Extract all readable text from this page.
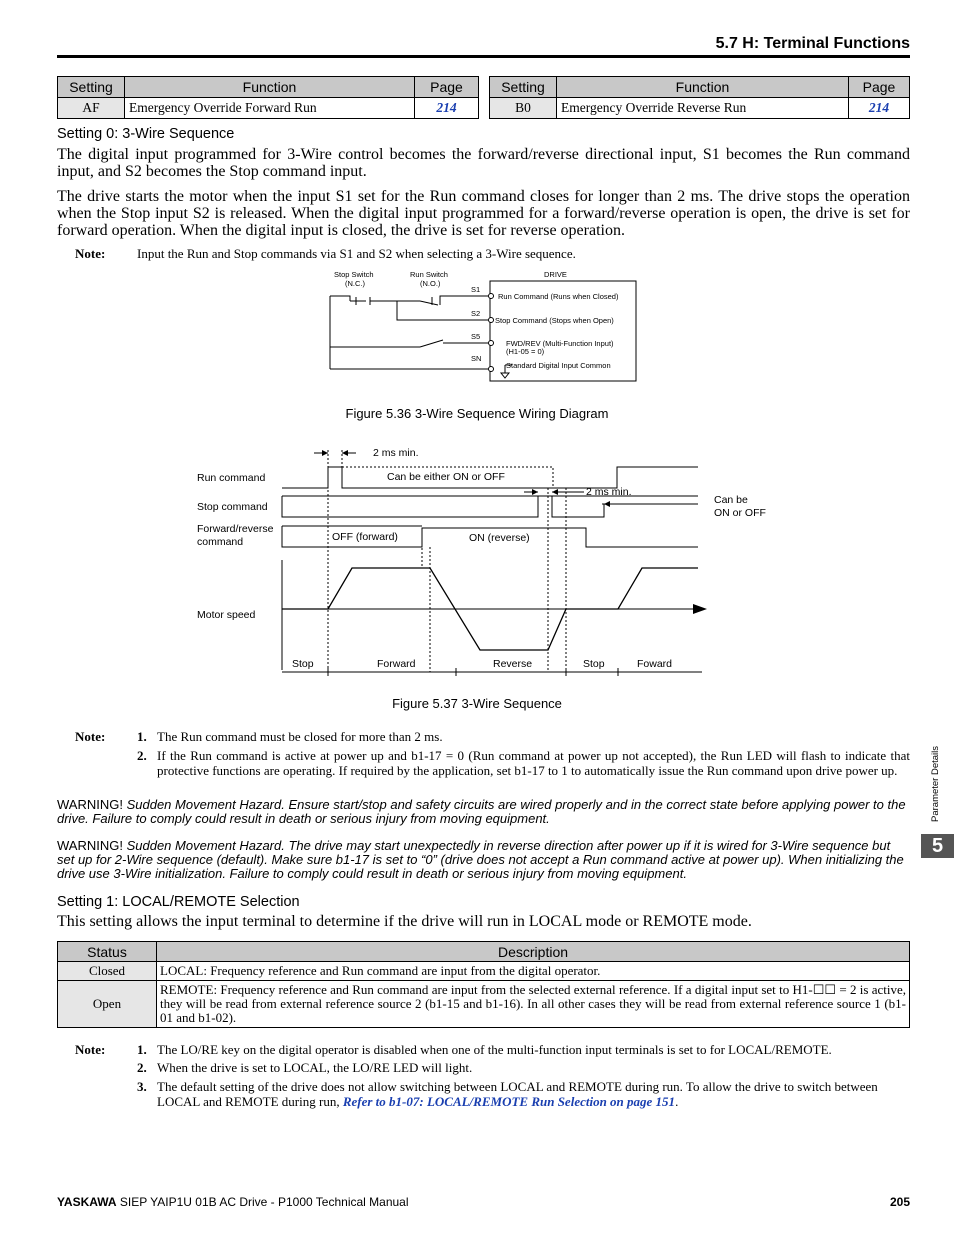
5.7 H: Terminal Functions
Setting	Function	Page
AF	Emergency Override Forward Run	214
Setting	Function	Page
B0	Emergency Override Reverse Run	214
Setting 0: 3-Wire Sequence
The digital input programmed for 3-Wire control becomes the forward/reverse directional input, S1 becomes the Run command input, and S2 becomes the Stop command input.
The drive starts the motor when the input S1 set for the Run command closes for longer than 2 ms. The drive stops the operation when the Stop input S2 is released. When the digital input programmed for a forward/reverse operation is open, the drive is set for forward operation. When the digital input is closed, the drive is set for reverse operation.
Note: Input the Run and Stop commands via S1 and S2 when selecting a 3-Wire sequence.
Stop Switch
(N.C.)
Run Switch
(N.O.)
DRIVE
S1
S2
S5
SN
Run Command (Runs when Closed)
Stop Command (Stops when Open)
FWD/REV (Multi-Function Input)
(H1-05 = 0)
Standard Digital Input Common
Figure 5.36 3-Wire Sequence Wiring Diagram
Run command
Stop command
Forward/reverse
command
Motor speed
2 ms min.
Can be either ON or OFF
2 ms min.
Can be
ON or OFF
OFF (forward)	ON (reverse)
Stop	Forward	Reverse	Stop	Foward
Figure 5.37 3-Wire Sequence
Note: 1. The Run command must be closed for more than 2 ms.
2. If the Run command is active at power up and b1-17 = 0 (Run command at power up not accepted), the Run LED will flash to indicate that protective functions are operating. If required by the application, set b1-17 to 1 to automatically issue the Run command upon drive power up.
WARNING! Sudden Movement Hazard. Ensure start/stop and safety circuits are wired properly and in the correct state before applying power to the drive. Failure to comply could result in death or serious injury from moving equipment.
WARNING! Sudden Movement Hazard. The drive may start unexpectedly in reverse direction after power up if it is wired for 3-Wire sequence but set up for 2-Wire sequence (default). Make sure b1-17 is set to “0” (drive does not accept a Run command active at power up). When initializing the drive use 3-Wire initialization. Failure to comply could result in death or serious injury from moving equipment.
Setting 1: LOCAL/REMOTE Selection
This setting allows the input terminal to determine if the drive will run in LOCAL mode or REMOTE mode.
Status	Description
Closed	LOCAL: Frequency reference and Run command are input from the digital operator.
Open	REMOTE: Frequency reference and Run command are input from the selected external reference. If a digital input set to H1-☐☐ = 2 is active, they will be read from external reference source 2 (b1-15 and b1-16). In all other cases they will be read from external reference source 1 (b1-01 and b1-02).
Note: 1. The LO/RE key on the digital operator is disabled when one of the multi-function input terminals is set to for LOCAL/REMOTE.
2. When the drive is set to LOCAL, the LO/RE LED will light.
3. The default setting of the drive does not allow switching between LOCAL and REMOTE during run. To allow the drive to switch between LOCAL and REMOTE during run, Refer to b1-07: LOCAL/REMOTE Run Selection on page 151.
Parameter Details
5
YASKAWA SIEP YAIP1U 01B AC Drive - P1000 Technical Manual	205
